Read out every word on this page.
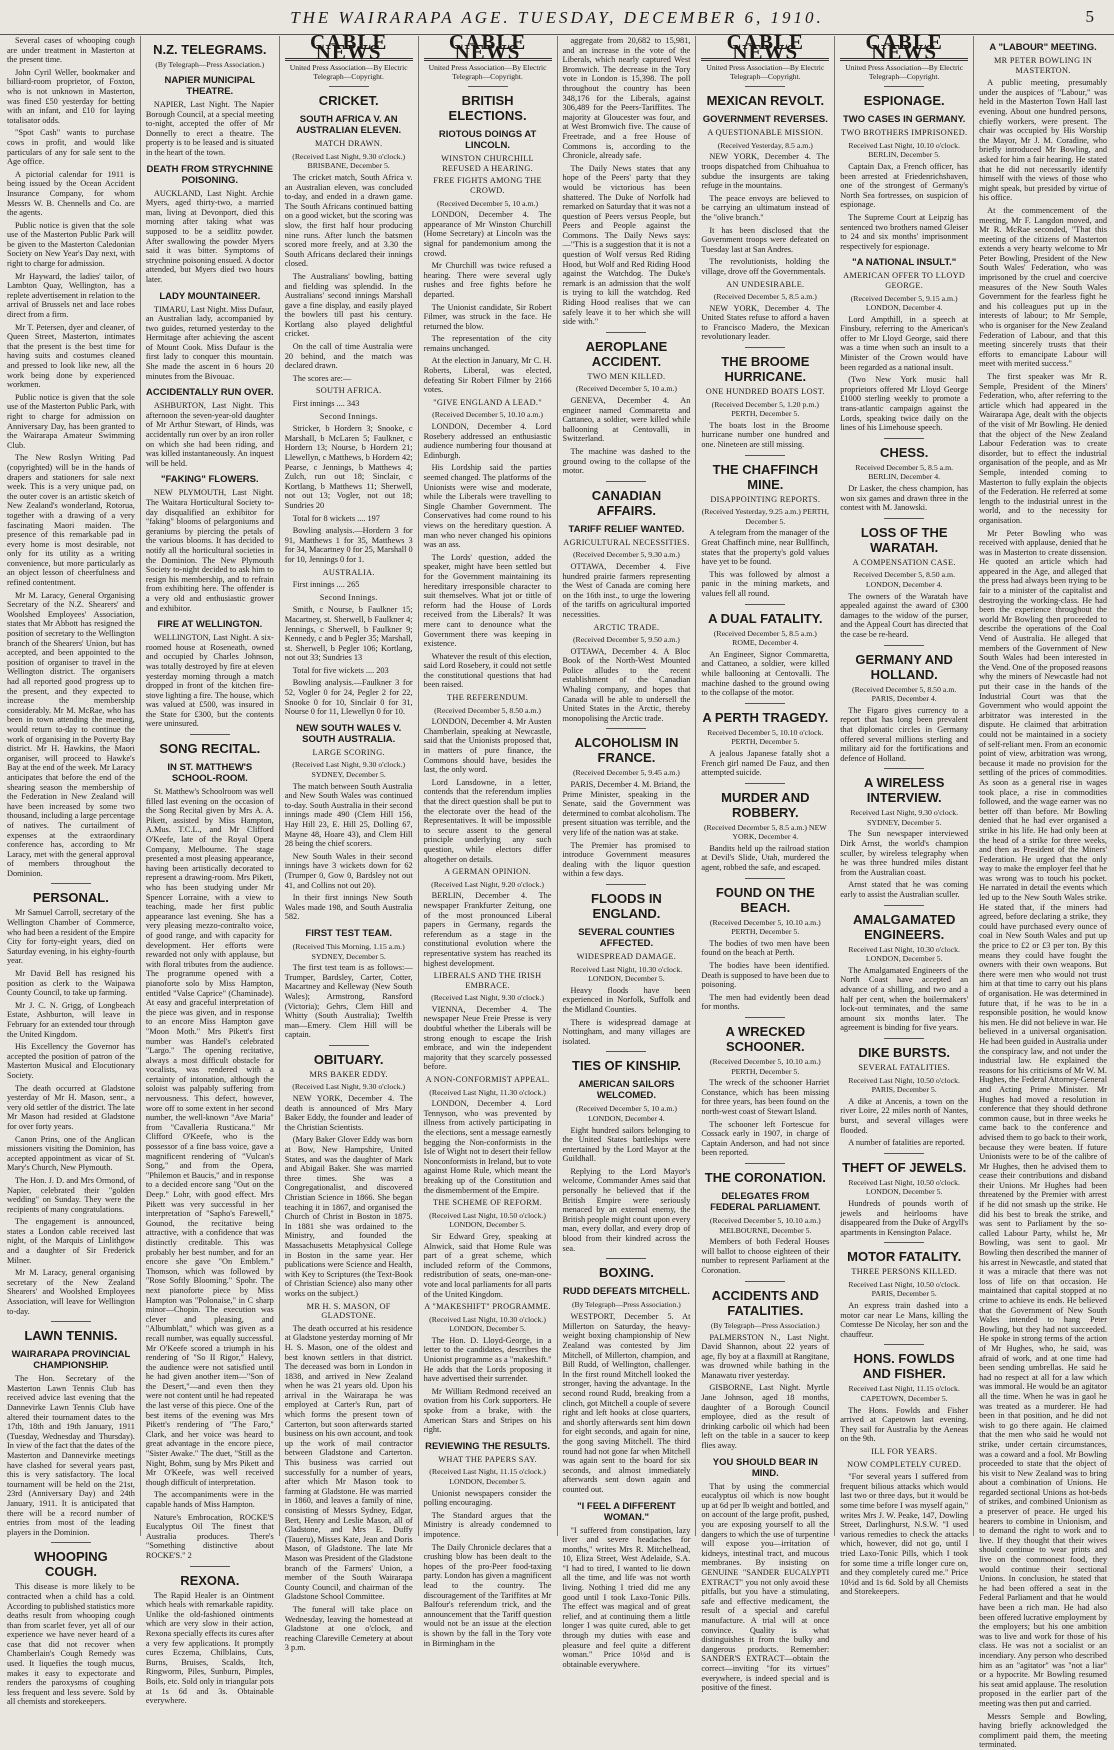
THE WAIRARAPA AGE. TUESDAY, DECEMBER 6, 1910.	5

Several cases of whooping cough are under treatment in Masterton at the present time.

John Cyril Weller, bookmaker and billiard-room proprietor, of Foxton, who is not unknown in Masterton, was fined £50 yesterday for betting with an infant, and £10 for laying totalisator odds.

"Spot Cash" wants to purchase cows in profit, and would like particulars of any for sale sent to the Age office.

A pictorial calendar for 1911 is being issued by the Ocean Accident Insurance Company, for whom Messrs W. B. Chennells and Co. are the agents.

Public notice is given that the sole use of the Masterton Public Park will be given to the Masterton Caledonian Society on New Year's Day next, with right to charge for admission.

Mr Hayward, the ladies' tailor, of Lambton Quay, Wellington, has a replete advertisement in relation to the arrival of Brussels net and lace robes direct from a firm.

Mr T. Petersen, dyer and cleaner, of Queen Street, Masterton, intimates that the present is the best time for having suits and costumes cleaned and pressed to look like new, all the work being done by experienced workmen.

Public notice is given that the sole use of the Masterton Public Park, with right to charge for admission on Anniversary Day, has been granted to the Wairarapa Amateur Swimming Club.

The New Roslyn Writing Pad (copyrighted) will be in the hands of drapers and stationers for sale next week. This is a very unique pad, on the outer cover is an artistic sketch of New Zealand's wonderland, Rotorua, together with a drawing of a very fascinating Maori maiden. The presence of this remarkable pad in every home is most desirable, not only for its utility as a writing convenience, but more particularly as an object lesson of cheerfulness and refined contentment.

Mr M. Laracy, General Organising Secretary of the N.Z. Shearers' and Woolshed Employees' Association, states that Mr Abbott has resigned the position of secretary to the Wellington branch of the Shearers' Union, but has accepted, and been appointed to the position of organiser to travel in the Wellington district. The organisers had all reported good progress up to the present, and they expected to increase the membership considerably. Mr M. McRae, who has been in town attending the meeting, would return to-day to continue the work of organising in the Poverty Bay district. Mr H. Hawkins, the Maori organiser, will proceed to Hawke's Bay at the end of the week. Mr Laracy anticipates that before the end of the shearing season the membership of the Federation in New Zealand will have been increased by some two thousand, including a large percentage of natives. The curtailment of expenses at the extraordinary conference has, according to Mr Laracy, met with the general approval of members throughout the Dominion.

PERSONAL.

Mr Samuel Carroll, secretary of the Wellington Chamber of Commerce, who had been a resident of the Empire City for forty-eight years, died on Saturday evening, in his eighty-fourth year.

Mr David Bell has resigned his position as clerk to the Waipawa County Council, to take up farming.

Mr J. C. N. Grigg, of Longbeach Estate, Ashburton, will leave in February for an extended tour through the United Kingdom.

His Excellency the Governor has accepted the position of patron of the Masterton Musical and Elocutionary Society.

The death occurred at Gladstone yesterday of Mr H. Mason, senr., a very old settler of the district. The late Mr Mason had resided at Gladstone for over forty years.

Canon Prins, one of the Anglican missioners visiting the Dominion, has accepted appointment as vicar of St. Mary's Church, New Plymouth.

The Hon. J. D. and Mrs Ormond, of Napier, celebrated their "golden wedding" on Sunday. They were the recipients of many congratulations.

The engagement is announced, states a London cable received last night, of the Marquis of Linlithgow and a daughter of Sir Frederick Milner.

Mr M. Laracy, general organising secretary of the New Zealand Shearers' and Woolshed Employees Association, will leave for Wellington to-day.

LAWN TENNIS.
WAIRARAPA PROVINCIAL CHAMPIONSHIP.

The Hon. Secretary of the Masterton Lawn Tennis Club has received advice last evening that the Dannevirke Lawn Tennis Club have altered their tournament dates to the 17th, 18th and 19th January, 1911 (Tuesday, Wednesday and Thursday). In view of the fact that the dates of the Masterton and Dannevirke meetings have clashed for several years past, this is very satisfactory. The local tournament will be held on the 21st, 23rd (Anniversary Day) and 24th January, 1911. It is anticipated that there will be a record number of entries from most of the leading players in the Dominion.

WHOOPING COUGH.

This disease is more likely to be contracted when a child has a cold. According to published statistics more deaths result from whooping cough than from scarlet fever, yet all of our experience we have never heard of a case that did not recover when Chamberlain's Cough Remedy was used. It liquefies the tough mucus, makes it easy to expectorate and renders the paroxysms of coughing less frequent and less severe. Sold by all chemists and storekeepers.

N.Z. TELEGRAMS.
(By Telegraph—Press Association.)
NAPIER MUNICIPAL THEATRE.

NAPIER, Last Night. The Napier Borough Council, at a special meeting to-night, accepted the offer of Mr Donnelly to erect a theatre. The property is to be leased and is situated in the heart of the town.

DEATH FROM STRYCHNINE POISONING.

AUCKLAND, Last Night. Archie Myers, aged thirty-two, a married man, living at Devonport, died this morning after taking what was supposed to be a seidlitz powder. After swallowing the powder Myers said it was bitter. Symptoms of strychnine poisoning ensued. A doctor attended, but Myers died two hours later.

LADY MOUNTAINEER.

TIMARU, Last Night. Miss Dufaur, an Australian lady, accompanied by two guides, returned yesterday to the Hermitage after achieving the ascent of Mount Cook. Miss Dufaur is the first lady to conquer this mountain. She made the ascent in 6 hours 20 minutes from the Bivouac.

ACCIDENTALLY RUN OVER.

ASHBURTON, Last Night. This afternoon the seven-year-old daughter of Mr Arthur Stewart, of Hinds, was accidentally run over by an iron roller on which she had been riding, and was killed instantaneously. An inquest will be held.

"FAKING" FLOWERS.

NEW PLYMOUTH, Last Night. The Waitara Horticultural Society to-day disqualified an exhibitor for "faking" blooms of pelargoniums and geraniums by piercing the petals of the various blooms. It has decided to notify all the horticultural societies in the Dominion. The New Plymouth Society to-night decided to ask him to resign his membership, and to refrain from exhibiting here. The offender is a very old and enthusiastic grower and exhibitor.

FIRE AT WELLINGTON.

WELLINGTON, Last Night. A six-roomed house at Roseneath, owned and occupied by Charles Johnson, was totally destroyed by fire at eleven yesterday morning through a match dropped in front of the kitchen fire-stove lighting a fire. The house, which was valued at £500, was insured in the State for £300, but the contents were uninsured.

SONG RECITAL.
IN ST. MATTHEW'S SCHOOL-ROOM.

St. Matthew's Schoolroom was well filled last evening on the occasion of the Song Recital given by Mrs A. A. Pikett, assisted by Miss Hampton, A.Mus. T.C.L., and Mr Clifford O'Keefe, late of the Royal Opera Company, Melbourne. The stage presented a most pleasing appearance, having been artistically decorated to represent a drawing-room. Mrs Pikett, who has been studying under Mr Spencer Lorraine, with a view to teaching, made her first public appearance last evening. She has a very pleasing mezzo-contralto voice, of good range, and with capacity for development. Her efforts were rewarded not only with applause, but with floral tributes from the audience. The programme opened with a pianoforte solo by Miss Hampton, entitled "Valse Caprice" (Chaminade). At easy and graceful interpretation of the piece was given, and in response to an encore Miss Hampton gave "Moon Moth." Mrs Pikett's first number was Handel's celebrated "Largo." The opening recitative, always a most difficult obstacle for vocalists, was rendered with a certainty of intonation, although the soloist was palpably suffering from nervousness. This defect, however, wore off to some extent in her second number, the well-known "Ave Maria" from "Cavalleria Rusticana." Mr Clifford O'Keefe, who is the possessor of a fine bass voice, gave a magnificent rendering of "Vulcan's Song," and from the Opera, "Philemon et Baucis," and in response to a decided encore sang "Out on the Deep." Lohr, with good effect. Mrs Pikett was very successful in her interpretation of "Sapho's Farewell," Gounod, the recitative being attractive, with a confidence that was distinctly creditable. This was probably her best number, and for an encore she gave "On Emblem." Thomson, which was followed by "Rose Softly Blooming." Spohr. The next pianoforte piece by Miss Hampton was "Polonaise," in C sharp minor—Chopin. The execution was clever and pleasing, and "Albumblatt," which was given as a recall number, was equally successful. Mr O'Keefe scored a triumph in his rendering of "So II Rigor," Halevy, the audience were not satisfied until he had given another item—"Son of the Desert,"—and even then they were not content until he had repeated the last verse of this piece. One of the best items of the evening was Mrs Pikett's rendering of "The Faro," Clark, and her voice was heard to great advantage in the encore piece, "Sister Awake." The duet, "Still as the Night, Bohm, sung by Mrs Pikett and Mr O'Keefe, was well received though difficult of interpretation.

The accompaniments were in the capable hands of Miss Hampton.

Nature's Embrocation, ROCKE'S Eucalyptus Oil The finest that Australia produces. There's "Something distinctive about ROCKE'S." 2

REXONA.

The Rapid Healer is an Ointment which heals with remarkable rapidity. Unlike the old-fashioned ointments which are very slow in their action, Rexona specially effects its cures after a very few applications. It promptly cures Eczema, Chilblains, Cuts, Burns, Bruises, Scalds, Itch, Ringworm, Piles, Sunburn, Pimples, Boils, etc. Sold only in triangular pots at 1s 6d and 3s. Obtainable everywhere.

CABLE NEWS
United Press Association—By Electric Telegraph—Copyright.
CRICKET.
SOUTH AFRICA V. AN AUSTRALIAN ELEVEN.
MATCH DRAWN.
(Received Last Night, 9.30 o'clock.) BRISBANE, December 5.

The cricket match, South Africa v. an Australian eleven, was concluded to-day, and ended in a drawn game. The South Africans continued batting on a good wicket, but the scoring was slow, the first half hour producing nine runs. After lunch the batsmen scored more freely, and at 3.30 the South Africans declared their innings closed.

The Australians' bowling, batting and fielding was splendid. In the Australians' second innings Marshall gave a fine display, and easily played the bowlers till past his century. Kortlang also played delightful cricket.

On the call of time Australia were 20 behind, and the match was declared drawn.

The scores are:—

SOUTH AFRICA.

First innings .... 343

Second Innings.

Stricker, b Hordern 3; Snooke, c Marshall, b McLaren 5; Faulkner, c Hordern 13; Nourse, b Hordern 21; Llewellyn, c Matthews, b Hordern 42; Pearse, c Jennings, b Matthews 4; Zulch, run out 18; Sinclair, c Kortlang, b Matthews 11; Sherwell, not out 13; Vogler, not out 18; Sundries 20

Total for 8 wickets .... 197

Bowling analysis.—Hordern 3 for 91, Matthews 1 for 35, Matthews 3 for 34, Macartney 0 for 25, Marshall 0 for 10, Jennings 0 for 1.

AUSTRALIA.

First innings .... 265

Second Innings.

Smith, c Nourse, b Faulkner 15; Macartney, st. Sherwell, b Faulkner 4; Jennings, c Sherwell, b Faulkner 9; Kennedy, c and b Pegler 35; Marshall, st. Sherwell, b Pegler 106; Kortlang, not out 33; Sundries 13

Total for five wickets .... 203

Bowling analysis.—Faulkner 3 for 52, Vogler 0 for 24, Pegler 2 for 22, Snooke 0 for 10, Sinclair 0 for 31, Nourse 0 for 11, Llewellyn 0 for 10.

NEW SOUTH WALES V. SOUTH AUSTRALIA.
LARGE SCORING.
(Received Last Night, 9.30 o'clock.) SYDNEY, December 5.

The match between South Australia and New South Wales was continued to-day. South Australia in their second innings made 490 (Clem Hill 156, Hay Hill 23, E. Hill 25, Dolling 67, Mayne 48, Hoare 43), and Clem Hill 28 being the chief scorers.

New South Wales in their second innings have 3 wickets down for 62 (Trumper 0, Gow 0, Bardsley not out 41, and Collins not out 20).

In their first innings New South Wales made 198, and South Australia 582.

FIRST TEST TEAM.
(Received This Morning, 1.15 a.m.) SYDNEY, December 5.

The first test team is as follows:—Trumper, Bardsley, Carter, Cotter, Macartney and Kelleway (New South Wales); Armstrong, Ransford (Victoria); Gehrs, Clem Hill and Whitty (South Australia); Twelfth man—Emery. Clem Hill will be captain.

OBITUARY.
MRS BAKER EDDY.
(Received Last Night, 9.30 o'clock.)

NEW YORK, December 4. The death is announced of Mrs Mary Baker Eddy, the founder and leader of the Christian Scientists.

(Mary Baker Glover Eddy was born at Bow, New Hampshire, United States, and was the daughter of Mark and Abigail Baker. She was married three times. She was a Congregationalist, and discovered Christian Science in 1866. She began teaching it in 1867, and organised the Church of Christ in Boston in 1875. In 1881 she was ordained to the Ministry, and founded the Massachusetts Metaphysical College in Boston in the same year. Her publications were Science and Health, with Key to Scriptures (the Text-Book of Christian Science) also many other works on the subject.)

MR H. S. MASON, OF GLADSTONE.

The death occurred at his residence at Gladstone yesterday morning of Mr H. S. Mason, one of the oldest and best known settlers in that district. The deceased was born in London in 1838, and arrived in New Zealand when he was 21 years old. Upon his arrival in the Wairarapa he was employed at Carter's Run, part of which forms the present town of Carterton, but soon afterwards started business on his own account, and took up the work of mail contractor between Gladstone and Carterton. This business was carried out successfully for a number of years, after which Mr Mason took to farming at Gladstone. He was married in 1860, and leaves a family of nine, consisting of Messrs Sydney, Edgar, Bert, Henry and Leslie Mason, all of Gladstone, and Mrs E. Duffy (Taueru), Misses Kate, Jean and Doris Mason, of Gladstone. The late Mr Mason was President of the Gladstone branch of the Farmers' Union, a member of the South Wairarapa County Council, and chairman of the Gladstone School Committee.

The funeral will take place on Wednesday, leaving the homestead at Gladstone at one o'clock, and reaching Clareville Cemetery at about 3 p.m.

CABLE NEWS
United Press Association—By Electric Telegraph—Copyright.
BRITISH ELECTIONS.
RIOTOUS DOINGS AT LINCOLN.
WINSTON CHURCHILL REFUSED A HEARING.
FREE FIGHTS AMONG THE CROWD.
(Received December 5, 10 a.m.)

LONDON, December 4. The appearance of Mr Winston Churchill (Home Secretary) at Lincoln was the signal for pandemonium among the crowd.

Mr Churchill was twice refused a hearing. There were several ugly rushes and free fights before he departed.

The Unionist candidate, Sir Robert Filmer, was struck in the face. He returned the blow.

The representation of the city remains unchanged.

At the election in January, Mr C. H. Roberts, Liberal, was elected, defeating Sir Robert Filmer by 2166 votes.

"GIVE ENGLAND A LEAD."
(Received December 5, 10.10 a.m.)

LONDON, December 4. Lord Rosebery addressed an enthusiastic audience numbering four thousand at Edinburgh.

His Lordship said the parties seemed changed. The platforms of the Unionists were wise and moderate, while the Liberals were travelling to Single Chamber Government. The Conservatives had come round to his views on the hereditary question. A man who never changed his opinions was an ass.

The Lords' question, added the speaker, might have been settled but for the Government maintaining its hereditary irresponsible character to suit themselves. What jot or tittle of reform had the House of Lords received from the Liberals? It was mere cant to denounce what the Government there was keeping in existence.

Whatever the result of this election, said Lord Rosebery, it could not settle the constitutional questions that had been raised.

THE REFERENDUM.
(Received December 5, 8.50 a.m.)

LONDON, December 4. Mr Austen Chamberlain, speaking at Newcastle, said that the Unionists proposed that, in matters of pure finance, the Commons should have, besides the last, the only word.

Lord Lansdowne, in a letter, contends that the referendum implies that the direct question shall be put to the electorate over the head of the Representatives. It will be impossible to secure assent to the general principle underlying any such question, while electors differ altogether on details.

A GERMAN OPINION.
(Received Last Night, 9.20 o'clock.)

BERLIN, December 4. The newspaper Frankfurter Zeitung, one of the most pronounced Liberal papers in Germany, regards the referendum as a stage in the constitutional evolution where the representative system has reached its highest development.

LIBERALS AND THE IRISH EMBRACE.
(Received Last Night, 9.30 o'clock.)

VIENNA, December 4. The newspaper Neue Freie Presse is very doubtful whether the Liberals will be strong enough to escape the Irish embrace, and win the independent majority that they scarcely possessed before.

A NON-CONFORMIST APPEAL.
(Received Last Night, 11.30 o'clock.)

LONDON, December 4. Lord Tennyson, who was prevented by illness from actively participating in the elections, sent a message earnestly begging the Non-conformists in the Isle of Wight not to desert their fellow Nonconformists in Ireland, but to vote against Home Rule, which meant the breaking up of the Constitution and the dismemberment of the Empire.

THE SCHEME OF REFORM.
(Received Last Night, 10.50 o'clock.) LONDON, December 5.

Sir Edward Grey, speaking at Alnwick, said that Home Rule was part of a great scheme, which included reform of the Commons, redistribution of seats, one-man-one-vote and local parliaments for all parts of the United Kingdom.

A "MAKESHIFT" PROGRAMME.
(Received Last Night, 10.30 o'clock.) LONDON, December 5.

The Hon. D. Lloyd-George, in a letter to the candidates, describes the Unionist programme as a "makeshift." He adds that the Lords proposing it have advertised their surrender.

Mr William Redmond received an ovation from his Cork supporters. He spoke from a brake, with the American Stars and Stripes on his right.

REVIEWING THE RESULTS.
WHAT THE PAPERS SAY.
(Received Last Night, 11.15 o'clock.) LONDON, December 5.

Unionist newspapers consider the polling encouraging.

The Standard argues that the Ministry is already condemned to impotence.

The Daily Chronicle declares that a crushing blow has been dealt to the hopes of the pro-Peer food-taxing party. London has given a magnificent lead to the country. The discouragement of the Tariffites at Mr Balfour's referendum trick, and the announcement that the Tariff question would not be an issue at the election is shown by the fall in the Tory vote in Birmingham in the

aggregate from 20,682 to 15,981, and an increase in the vote of the Liberals, which nearly captured West Bromwich. The decrease in the Tory vote in London is 15,398. The poll throughout the country has been 348,176 for the Liberals, against 306,489 for the Peers-Tariffites. The majority at Gloucester was four, and at West Bromwich five. The cause of Freetrade, and a free House of Commons is, according to the Chronicle, already safe.

The Daily News states that any hope of the Peers' party that they would be victorious has been shattered. The Duke of Norfolk had remarked on Saturday that it was not a question of Peers versus People, but Peers and People against the Commons. The Daily News says:—"This is a suggestion that it is not a question of Wolf versus Red Riding Hood, but Wolf and Red Riding Hood against the Watchdog. The Duke's remark is an admission that the wolf is trying to kill the watchdog. Red Riding Hood realises that we can safely leave it to her which she will side with."

AEROPLANE ACCIDENT.
TWO MEN KILLED.
(Received December 5, 10 a.m.)

GENEVA, December 4. An engineer named Commaretta and Cattaneo, a soldier, were killed while ballooning at Centovalli, in Switzerland.

The machine was dashed to the ground owing to the collapse of the motor.

CANADIAN AFFAIRS.
TARIFF RELIEF WANTED.
AGRICULTURAL NECESSITIES.
(Received December 5, 9.30 a.m.)

OTTAWA, December 4. Five hundred prairie farmers representing the West of Canada are coming here on the 16th inst., to urge the lowering of the tariffs on agricultural imported necessities.

ARCTIC TRADE.
(Received December 5, 9.50 a.m.)

OTTAWA, December 4. A Bloc Book of the North-West Mounted Police alludes to the recent establishment of the Canadian Whaling company, and hopes that Canada will be able to undersell the United States in the Arctic, thereby monopolising the Arctic trade.

ALCOHOLISM IN FRANCE.
(Received December 5, 9.45 a.m.)

PARIS, December 4. M. Briand, the Prime Minister, speaking in the Senate, said the Government was determined to combat alcoholism. The present situation was terrible, and the very life of the nation was at stake.

The Premier has promised to introduce Government measures dealing with the liquor question within a few days.

FLOODS IN ENGLAND.
SEVERAL COUNTIES AFFECTED.
WIDESPREAD DAMAGE.
Received Last Night, 10.30 o'clock. LONDON, December 5.

Heavy floods have been experienced in Norfolk, Suffolk and the Midland Counties.

There is widespread damage at Nottingham, and many villages are isolated.

TIES OF KINSHIP.
AMERICAN SAILORS WELCOMED.
(Received December 5, 10 a.m.) LONDON, December 4.

Eight hundred sailors belonging to the United States battleships were entertained by the Lord Mayor at the Guildhall.

Replying to the Lord Mayor's welcome, Commander Ames said that personally he believed that if the British Empire were seriously menaced by an external enemy, the British people might count upon every man, every dollar, and every drop of blood from their kindred across the sea.

BOXING.
RUDD DEFEATS MITCHELL.
(By Telegraph—Press Association.)

WESTPORT, December 5. At Millerton on Saturday, the heavy-weight boxing championship of New Zealand was contested by Jim Mitchell, of Millerton, champion, and Bill Rudd, of Wellington, challenger. In the first round Mitchell looked the stronger, having the advantage. In the second round Rudd, breaking from a clinch, got Mitchell a couple of severe right and left hooks at close quarters, and shortly afterwards sent him down for eight seconds, and again for nine, the gong saving Mitchell. The third round had not gone far when Mitchell was again sent to the board for six seconds, and almost immediately afterwards sent down again and counted out.

"I FEEL A DIFFERENT WOMAN."

"I suffered from constipation, lazy liver and severe headaches for months," writes Mrs R. Mitchelhead, 10, Eliza Street, West Adelaide, S.A. "I had to tired, I wanted to lie down all the time, and life was not worth living. Nothing I tried did me any good until I took Laxo-Tonic Pills. The effect was magical and of great relief, and at continuing them a little longer I was quite cured, able to get through my duties with ease and pleasure and feel quite a different woman." Price 10½d and is obtainable everywhere.

CABLE NEWS
United Press Association—By Electric Telegraph—Copyright.
MEXICAN REVOLT.
GOVERNMENT REVERSES.
A QUESTIONABLE MISSION.
(Received Yesterday, 8.5 a.m.)

NEW YORK, December 4. The troops dispatched from Chihuahua to subdue the insurgents are taking refuge in the mountains.

The peace envoys are believed to be carrying an ultimatum instead of the "olive branch."

It has been disclosed that the Government troops were defeated on Tuesday last at San Andres.

The revolutionists, holding the village, drove off the Governmentals.

AN UNDESIRABLE.
(Received December 5, 8.5 a.m.)

NEW YORK, December 4. The United States refuse to afford a haven to Francisco Madero, the Mexican revolutionary leader.

THE BROOME HURRICANE.
ONE HUNDRED BOATS LOST.
(Received December 5, 1.20 p.m.) PERTH, December 5.

The boats lost in the Broome hurricane number one hundred and one. Nineteen are still missing.

THE CHAFFINCH MINE.
DISAPPOINTING REPORTS.
(Received Yesterday, 9.25 a.m.) PERTH, December 5.

A telegram from the manager of the Great Chaffinch mine, near Bullfinch, states that the property's gold values have yet to be found.

This was followed by almost a panic in the mining markets, and values fell all round.

A DUAL FATALITY.
(Received December 5, 8.5 a.m.) ROME, December 4.

An Engineer, Signor Commaretta, and Cattaneo, a soldier, were killed while ballooning at Centovalli. The machine dashed to the ground owing to the collapse of the motor.

A PERTH TRAGEDY.
Received December 5, 10.10 o'clock. PERTH, December 5.

A jealous Japanese fatally shot a French girl named De Fauz, and then attempted suicide.

MURDER AND ROBBERY.
(Received December 5, 8.5 a.m.) NEW YORK, December 4.

Bandits held up the railroad station at Devil's Slide, Utah, murdered the agent, robbed the safe, and escaped.

FOUND ON THE BEACH.
(Received December 5, 10.10 a.m.) PERTH, December 5.

The bodies of two men have been found on the beach at Perth.

The bodies have been identified. Death is supposed to have been due to poisoning.

The men had evidently been dead for months.

A WRECKED SCHOONER.
(Received December 5, 10.10 a.m.) PERTH, December 5.

The wreck of the schooner Harriet Constance, which has been missing for three years, has been found on the north-west coast of Stewart Island.

The schooner left Fortescue for Cossack early in 1907, in charge of Captain Anderson, and had not since been reported.

THE CORONATION.
DELEGATES FROM FEDERAL PARLIAMENT.
(Received December 5, 10.10 a.m.) MELBOURNE, December 5.

Members of both Federal Houses will ballot to choose eighteen of their number to represent Parliament at the Coronation.

ACCIDENTS AND FATALITIES.
(By Telegraph—Press Association.)

PALMERSTON N., Last Night. David Shannon, about 22 years of age, fly boy at a flaxmill at Rangitane, was drowned while bathing in the Manawatu river yesterday.

GISBORNE, Last Night. Myrtle Jane Johnson, aged 18 months, daughter of a Borough Council employee, died as the result of drinking carbolic oil which had been left on the table in a saucer to keep flies away.

YOU SHOULD BEAR IN MIND.

That by using the commercial eucalyptus oil which is now bought up at 6d per lb weight and bottled, and on account of the large profit, pushed, you are exposing yourself to all the dangers to which the use of turpentine will expose you—irritation of kidneys, intestinal tract, and mucous membranes. By insisting on GENUINE "SANDER EUCALYPTI EXTRACT" you not only avoid these pitfalls, but you have a stimulating, safe and effective medicament, the result of a special and careful manufacture. A trial will at once convince. Quality is what distinguishes it from the bulky and dangerous products. Remember: SANDER'S EXTRACT—obtain the correct—inviting "for its virtues" everywhere, is indeed special and is positive of the finest.

CABLE NEWS
United Press Association—By Electric Telegraph—Copyright.
ESPIONAGE.
TWO CASES IN GERMANY.
TWO BROTHERS IMPRISONED.
Received Last Night, 10.10 o'clock. BERLIN, December 5.

Captain Dax, a French officer, has been arrested at Friedenrichshaven, one of the strongest of Germany's North Sea fortresses, on suspicion of espionage.

The Supreme Court at Leipzig has sentenced two brothers named Gleiser to 24 and six months' imprisonment respectively for espionage.

"A NATIONAL INSULT."
AMERICAN OFFER TO LLOYD GEORGE.
(Received December 5, 9.15 a.m.) LONDON, December 4.

Lord Ampthill, in a speech at Finsbury, referring to the American's offer to Mr Lloyd George, said there was a time when such an insult to a Minister of the Crown would have been regarded as a national insult.

(Two New York music hall proprietors offered Mr Lloyd George £1000 sterling weekly to promote a trans-atlantic campaign against the Lords, speaking twice daily on the lines of his Limehouse speech.

CHESS.
Received December 5, 8.5 a.m. BERLIN, December 4.

Dr Lasker, the chess champion, has won six games and drawn three in the contest with M. Janowski.

LOSS OF THE WARATAH.
A COMPENSATION CASE.
Received December 5, 8.50 a.m. LONDON, December 4.

The owners of the Waratah have appealed against the award of £300 damages to the widow of the purser, and the Appeal Court has directed that the case be re-heard.

GERMANY AND HOLLAND.
(Received December 5, 8.50 a.m. PARIS, December 4.

The Figaro gives currency to a report that has long been prevalent that diplomatic circles in Germany offered several millions sterling and military aid for the fortifications and defence of Holland.

A WIRELESS INTERVIEW.
Received Last Night, 9.30 o'clock. SYDNEY, December 5.

The Sun newspaper interviewed Dirk Arnst, the world's champion sculler, by wireless telegraphy when he was three hundred miles distant from the Australian coast.

Arnst stated that he was coming early to assist the Australian sculler.

AMALGAMATED ENGINEERS.
Received Last Night, 10.30 o'clock. LONDON, December 5.

The Amalgamated Engineers of the North Coast have accepted an advance of a shilling, and two and a half per cent, when the boilermakers' lock-out terminates, and the same amount six months later. The agreement is binding for five years.

DIKE BURSTS.
SEVERAL FATALITIES.
Received Last Night, 10.50 o'clock. PARIS, December 5.

A dike at Ancenis, a town on the river Loire, 22 miles north of Nantes, burst, and several villages were flooded.

A number of fatalities are reported.

THEFT OF JEWELS.
Received Last Night, 10.50 o'clock. LONDON, December 5.

Hundreds of pounds worth of jewels and heirlooms have disappeared from the Duke of Argyll's apartments in Kensington Palace.

MOTOR FATALITY.
THREE PERSONS KILLED.
Received Last Night, 10.50 o'clock. PARIS, December 5.

An express train dashed into a motor car near Le Mans, killing the Comtesse De Nicolay, her son and the chauffeur.

HONS. FOWLDS AND FISHER.
Received Last Night, 11.15 o'clock. CAPETOWN, December 5.

The Hons. Fowlds and Fisher arrived at Capetown last evening. They sail for Australia by the Aeneas on the 9th.

ILL FOR YEARS.
NOW COMPLETELY CURED.

"For several years I suffered from frequent bilious attacks which would last two or three days, but it would be some time before I was myself again," writes Mrs J. W. Peake, 147, Dowling Street, Darlinghurst, N.S.W. "I used various remedies to check the attacks which, however, did not go, until I tried Laxo-Tonic Pills, which I took for some time a trifle longer cure on, and they completely cured me." Price 10½d and 1s 6d. Sold by all Chemists and Storekeepers.

A "LABOUR" MEETING.
MR PETER BOWLING IN MASTERTON.

A public meeting, presumably under the auspices of "Labour," was held in the Masterton Town Hall last evening. About one hundred persons, chiefly workers, were present. The chair was occupied by His Worship the Mayor, Mr J. M. Coradine, who briefly introduced Mr Bowling, and asked for him a fair hearing. He stated that he did not necessarily identify himself with the views of those who might speak, but presided by virtue of his office.

At the commencement of the meeting, Mr F. Langdon moved, and Mr R. McRae seconded, "That this meeting of the citizens of Masterton extends a very hearty welcome to Mr Peter Bowling, President of the New South Wales' Federation, who was imprisoned by the cruel and coercive measures of the New South Wales Government for the fearless fight he and his colleagues put up in the interests of labour; to Mr Semple, who is organiser for the New Zealand Federation of Labour, and that this meeting sincerely trusts that their efforts to emancipate Labour will meet with merited success."

The first speaker was Mr R. Semple, President of the Miners' Federation, who, after referring to the article which had appeared in the Wairarapa Age, dealt with the objects of the visit of Mr Bowling. He denied that the object of the New Zealand Labour Federation was to create disorder, but to effect the industrial organisation of the people, and as Mr Semple, intended coming to Masterton to fully explain the objects of the Federation. He referred at some length to the industrial unrest in the world, and to the necessity for organisation.

Mr Peter Bowling who was received with applause, denied that he was in Masterton to create dissension. He quoted an article which had appeared in the Age, and alleged that the press had always been trying to be fair to a minister of the capitalist and destroying the working-class. He had been the experience throughout the world Mr Bowling then proceeded to describe the operations of the Coal Vend of Australia. He alleged that members of the Government of New South Wales had been interested in the Vend. One of the proposed reasons why the miners of Newcastle had not put their case in the hands of the Industrial Court was that the Government who would appoint the arbitrator was interested in the dispute. He claimed that arbitration could not be maintained in a society of self-reliant men. From an economic point of view, arbitration was wrong, because it made no provision for the settling of the prices of commodities. As soon as a general rise in wages took place, a rise in commodities followed, and the wage earner was no better off than before. Mr Bowling denied that he had ever organised a strike in his life. He had only been at the head of a strike for three weeks, and then as President of the Miners' Federation. He urged that the only way to make the employer feel that he was wrong was to touch his pocket. He narrated in detail the events which led up to the New South Wales strike. He stated that, if the miners had agreed, before declaring a strike, they could have purchased every ounce of coal in New South Wales and put up the price to £2 or £3 per ton. By this means they could have fought the owners with their own weapons. But there were men who would not trust him at that time to carry out his plans of organisation. He was determined in future that, if he was to be in a responsible position, he would know his men. He did not believe in war. He believed in a universal organisation. He had been guided in Australia under the conspiracy law, and not under the industrial law. He explained the reasons for his criticisms of Mr W. M. Hughes, the Federal Attorney-General and Acting Prime Minister. Mr Hughes had moved a resolution in conference that they should dethrone common cause, but in three weeks he came back to the conference and advised them to go back to their work, because they were beaten. If future Unionists were to be of the calibre of Mr Hughes, then he advised them to cease their contributions and disband their Unions. Mr Hughes had been threatened by the Premier with arrest if he did not smash up the strike. He did his best to break the strike, and was sent to Parliament by the so-called Labour Party, whilst he, Mr Bowling, was sent to gaol. Mr Bowling then described the manner of his arrest in Newcastle, and stated that it was a miracle that there was not loss of life on that occasion. He maintained that capital stopped at no crime to achieve its ends. He believed that the Government of New South Wales intended to hang Peter Bowling, but they had not succeeded. He spoke in strong terms of the action of Mr Hughes, who, he said, was afraid of work, and at one time had been sending umbrellas. He said he had no respect at all for a law which was immoral. He would be an agitator all the time. When he was in gaol he was treated as a murderer. He had been in that position, and he did not wish to go there again. He claimed that the men who said he would not strike, under certain circumstances, was a coward and a fool. Mr Bowling proceeded to state that the object of his visit to New Zealand was to bring about a combination of Unions. He regarded sectional Unions as hot-beds of strikes, and combined Unionism as a preserver of peace. He urged his hearers to combine in Unionism, and to demand the right to work and to live. If they thought that their wives should continue to wear prints and live on the commonest food, they would continue their sectional Unions. In conclusion, he stated that he had been offered a seat in the Federal Parliament and that he would have been a rich man. He had also been offered lucrative employment by the employers; but his one ambition was to live and work for those of his class. He was not a socialist or an incendiary. Any person who described him as an "agitator" was "not a liar" or a hypocrite. Mr Bowling resumed his seat amid applause. The resolution proposed in the earlier part of the meeting was then put and carried.

Messrs Semple and Bowling, having briefly acknowledged the compliment paid them, the meeting terminated.
